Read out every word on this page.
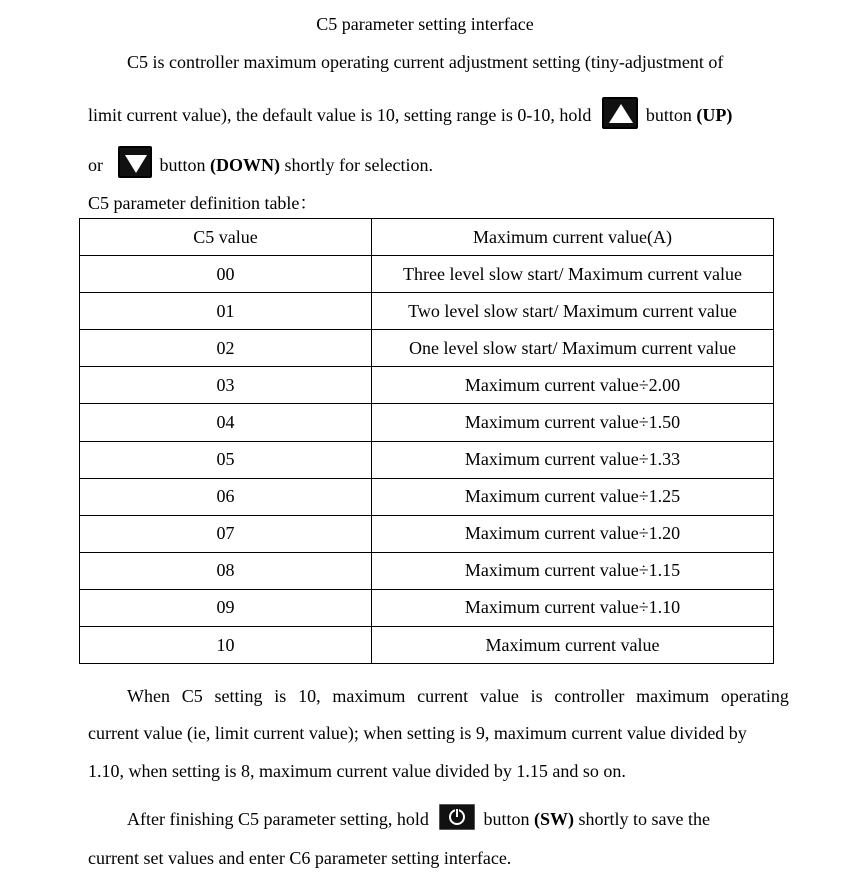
C5 parameter setting interface
C5 is controller maximum operating current adjustment setting (tiny-adjustment of
limit current value), the default value is 10, setting range is 0-10, hold	button (UP)
or	button (DOWN) shortly for selection.
C5 parameter definition table：
C5 value	Maximum current value(A)
00	Three level slow start/ Maximum current value
01	Two level slow start/ Maximum current value
02	One level slow start/ Maximum current value
03	Maximum current value÷2.00
04	Maximum current value÷1.50
05	Maximum current value÷1.33
06	Maximum current value÷1.25
07	Maximum current value÷1.20
08	Maximum current value÷1.15
09	Maximum current value÷1.10
10	Maximum current value
When C5 setting is 10, maximum current value is controller maximum operating
current value (ie, limit current value); when setting is 9, maximum current value divided by
1.10, when setting is 8, maximum current value divided by 1.15 and so on.
After finishing C5 parameter setting, hold	button (SW) shortly to save the
current set values and enter C6 parameter setting interface.
